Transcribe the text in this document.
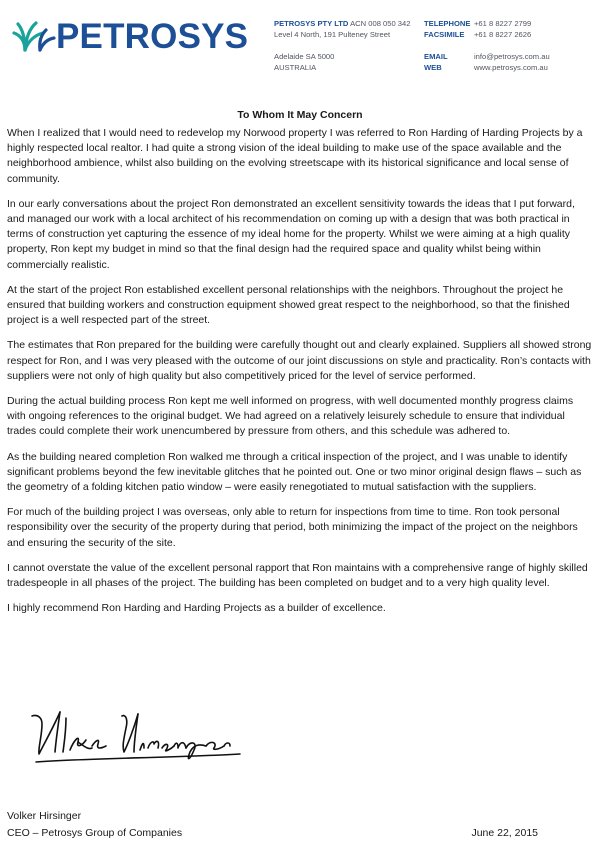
PETROSYS	PETROSYS PTY LTD ACN 008 050 342
Level 4 North, 191 Pulteney Street
Adelaide SA 5000
AUSTRALIA
TELEPHONE +61 8 8227 2799
FACSIMILE +61 8 8227 2626
EMAIL	info@petrosys.com.au
WEB	www.petrosys.com.au
To Whom It May Concern

When I realized that I would need to redevelop my Norwood property I was referred to Ron Harding of Harding Projects by a highly respected local realtor. I had quite a strong vision of the ideal building to make use of the space available and the neighborhood ambience, whilst also building on the evolving streetscape with its historical significance and local sense of community.

In our early conversations about the project Ron demonstrated an excellent sensitivity towards the ideas that I put forward, and managed our work with a local architect of his recommendation on coming up with a design that was both practical in terms of construction yet capturing the essence of my ideal home for the property. Whilst we were aiming at a high quality property, Ron kept my budget in mind so that the final design had the required space and quality whilst being within commercially realistic.

At the start of the project Ron established excellent personal relationships with the neighbors. Throughout the project he ensured that building workers and construction equipment showed great respect to the neighborhood, so that the finished project is a well respected part of the street.

The estimates that Ron prepared for the building were carefully thought out and clearly explained. Suppliers all showed strong respect for Ron, and I was very pleased with the outcome of our joint discussions on style and practicality. Ron’s contacts with suppliers were not only of high quality but also competitively priced for the level of service performed.

During the actual building process Ron kept me well informed on progress, with well documented monthly progress claims with ongoing references to the original budget. We had agreed on a relatively leisurely schedule to ensure that individual trades could complete their work unencumbered by pressure from others, and this schedule was adhered to.

As the building neared completion Ron walked me through a critical inspection of the project, and I was unable to identify significant problems beyond the few inevitable glitches that he pointed out. One or two minor original design flaws – such as the geometry of a folding kitchen patio window – were easily renegotiated to mutual satisfaction with the suppliers.

For much of the building project I was overseas, only able to return for inspections from time to time. Ron took personal responsibility over the security of the property during that period, both minimizing the impact of the project on the neighbors and ensuring the security of the site.

I cannot overstate the value of the excellent personal rapport that Ron maintains with a comprehensive range of highly skilled tradespeople in all phases of the project. The building has been completed on budget and to a very high quality level.

I highly recommend Ron Harding and Harding Projects as a builder of excellence.

Volker Hirsinger
CEO – Petrosys Group of Companies	June 22, 2015
